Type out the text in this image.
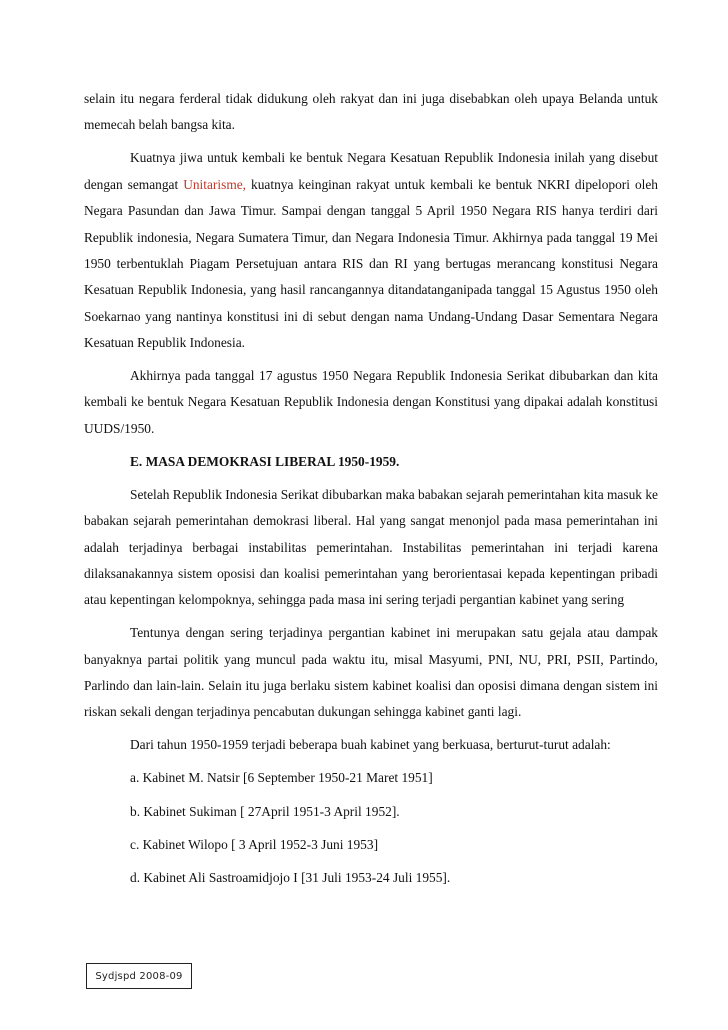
selain itu negara ferderal tidak didukung oleh rakyat dan ini juga disebabkan oleh upaya Belanda untuk memecah belah bangsa kita.

Kuatnya jiwa untuk kembali ke bentuk Negara Kesatuan Republik Indonesia inilah yang disebut dengan semangat Unitarisme, kuatnya keinginan rakyat untuk kembali ke bentuk NKRI dipelopori oleh Negara Pasundan dan Jawa Timur. Sampai dengan tanggal 5 April 1950 Negara RIS hanya terdiri dari Republik indonesia, Negara Sumatera Timur, dan Negara Indonesia Timur. Akhirnya pada tanggal 19 Mei 1950 terbentuklah Piagam Persetujuan antara RIS dan RI yang bertugas merancang konstitusi Negara Kesatuan Republik Indonesia, yang hasil rancangannya ditandatanganipada tanggal 15 Agustus 1950 oleh Soekarnao yang nantinya konstitusi ini di sebut dengan nama Undang-Undang Dasar Sementara Negara Kesatuan Republik Indonesia.

Akhirnya pada tanggal 17 agustus 1950 Negara Republik Indonesia Serikat dibubarkan dan kita kembali ke bentuk Negara Kesatuan Republik Indonesia dengan Konstitusi yang dipakai adalah konstitusi UUDS/1950.

E. MASA DEMOKRASI LIBERAL 1950-1959.

Setelah Republik Indonesia Serikat dibubarkan maka babakan sejarah pemerintahan kita masuk ke babakan sejarah pemerintahan demokrasi liberal. Hal yang sangat menonjol pada masa pemerintahan ini adalah terjadinya berbagai instabilitas pemerintahan. Instabilitas pemerintahan ini terjadi karena dilaksanakannya sistem oposisi dan koalisi pemerintahan yang berorientasai kepada kepentingan pribadi atau kepentingan kelompoknya, sehingga pada masa ini sering terjadi pergantian kabinet yang sering

Tentunya dengan sering terjadinya pergantian kabinet ini merupakan satu gejala atau dampak banyaknya partai politik yang muncul pada waktu itu, misal Masyumi, PNI, NU, PRI, PSII, Partindo, Parlindo dan lain-lain. Selain itu juga berlaku sistem kabinet koalisi dan oposisi dimana dengan sistem ini riskan sekali dengan terjadinya pencabutan dukungan sehingga kabinet ganti lagi.

Dari tahun 1950-1959 terjadi beberapa buah kabinet yang berkuasa, berturut-turut adalah:

a. Kabinet M. Natsir [6 September 1950-21 Maret 1951]

b. Kabinet Sukiman [ 27April 1951-3 April 1952].

c. Kabinet Wilopo [ 3 April 1952-3 Juni 1953]

d. Kabinet Ali Sastroamidjojo I [31 Juli 1953-24 Juli 1955].

Sydjspd 2008-09
